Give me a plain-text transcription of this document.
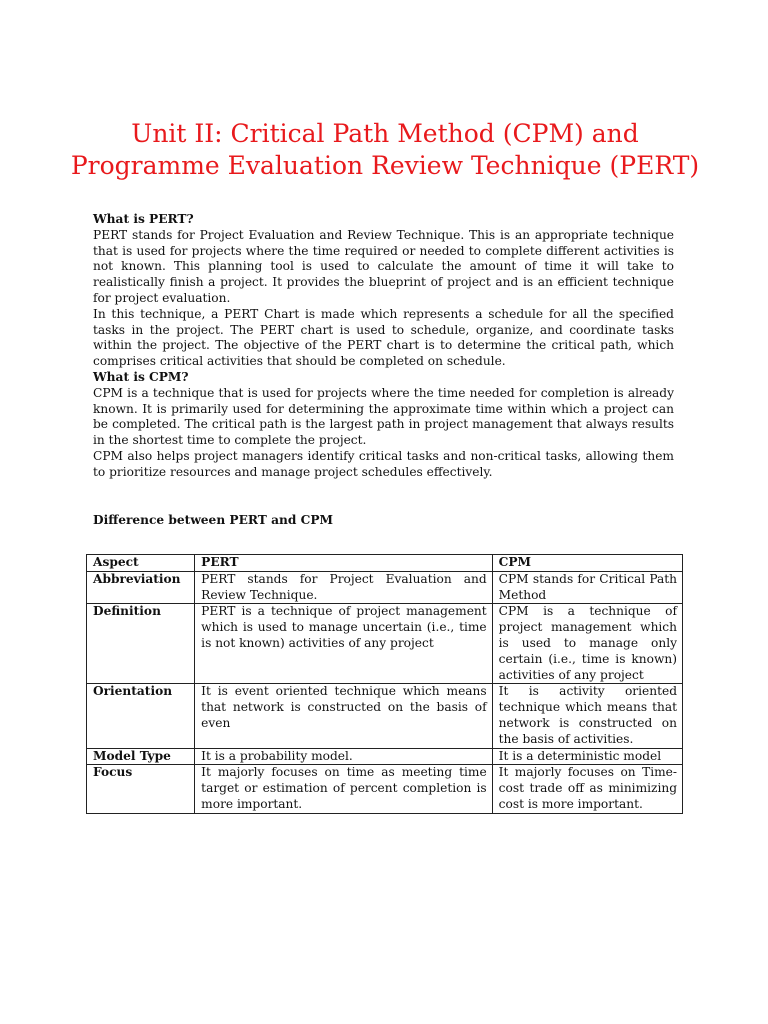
Unit II: Critical Path Method (CPM) and Programme Evaluation Review Technique (PERT)
What is PERT?

PERT stands for Project Evaluation and Review Technique. This is an appropriate technique that is used for projects where the time required or needed to complete different activities is not known. This planning tool is used to calculate the amount of time it will take to realistically finish a project. It provides the blueprint of project and is an efficient technique for project evaluation.

In this technique, a PERT Chart is made which represents a schedule for all the specified tasks in the project. The PERT chart is used to schedule, organize, and coordinate tasks within the project. The objective of the PERT chart is to determine the critical path, which comprises critical activities that should be completed on schedule.

What is CPM?

CPM is a technique that is used for projects where the time needed for completion is already known. It is primarily used for determining the approximate time within which a project can be completed. The critical path is the largest path in project management that always results in the shortest time to complete the project.

CPM also helps project managers identify critical tasks and non-critical tasks, allowing them to prioritize resources and manage project schedules effectively.

Difference between PERT and CPM
Aspect	PERT	CPM
Abbreviation	PERT stands for Project Evaluation and Review Technique.	CPM stands for Critical Path Method
Definition	PERT is a technique of project management which is used to manage uncertain (i.e., time is not known) activities of any project	CPM is a technique of project management which is used to manage only certain (i.e., time is known) activities of any project
Orientation	It is event oriented technique which means that network is constructed on the basis of even	It is activity oriented technique which means that network is constructed on the basis of activities.
Model Type	It is a probability model.	It is a deterministic model
Focus	It majorly focuses on time as meeting time target or estimation of percent completion is more important.	It majorly focuses on Time-cost trade off as minimizing cost is more important.
